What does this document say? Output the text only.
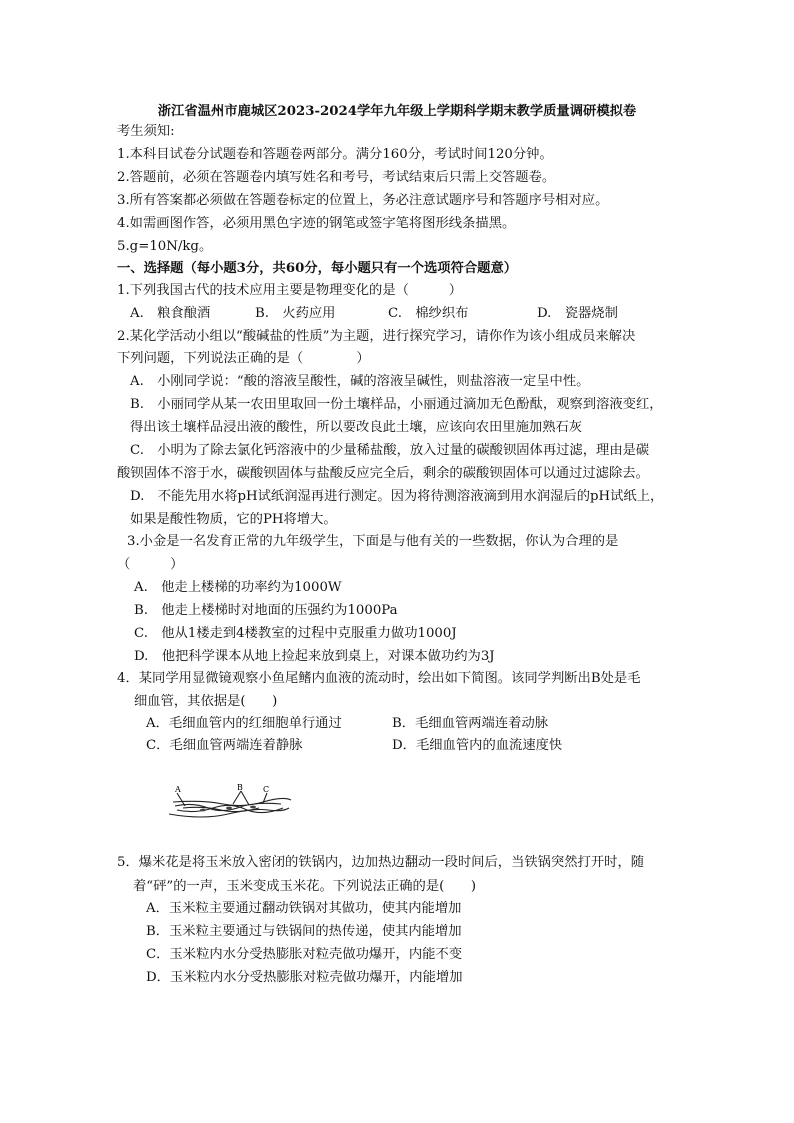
浙江省温州市鹿城区2023-2024学年九年级上学期科学期末教学质量调研模拟卷
考生须知:
1.本科目试卷分试题卷和答题卷两部分。满分160分，考试时间120分钟。
2.答题前，必须在答题卷内填写姓名和考号，考试结束后只需上交答题卷。
3.所有答案都必须做在答题卷标定的位置上，务必注意试题序号和答题序号相对应。
4.如需画图作答，必须用黑色字迹的钢笔或签字笔将图形线条描黑。
5.g=10N/kg。
一、选择题（每小题3分，共60分，每小题只有一个选项符合题意）
1.下列我国古代的技术应用主要是物理变化的是（　　　）
A.　粮食酿酒	B.　火药应用	C.　棉纱织布	D.　瓷器烧制
2.某化学活动小组以“酸碱盐的性质”为主题，进行探究学习，请你作为该小组成员来解决
下列问题，下列说法正确的是（　　　　）
A.　小刚同学说：“酸的溶液呈酸性，碱的溶液呈碱性，则盐溶液一定呈中性。
B.　小丽同学从某一农田里取回一份土壤样品，小丽通过滴加无色酚酞，观察到溶液变红，
得出该土壤样品浸出液的酸性，所以要改良此土壤，应该向农田里施加熟石灰
C.　小明为了除去氯化钙溶液中的少量稀盐酸，放入过量的碳酸钡固体再过滤，理由是碳
酸钡固体不溶于水，碳酸钡固体与盐酸反应完全后，剩余的碳酸钡固体可以通过过滤除去。
D.　不能先用水将pH试纸润湿再进行测定。因为将待测溶液滴到用水润湿后的pH试纸上，
如果是酸性物质，它的PH将增大。
3.小金是一名发育正常的九年级学生，下面是与他有关的一些数据，你认为合理的是
（　　　）
A.　他走上楼梯的功率约为1000W
B.　他走上楼梯时对地面的压强约为1000Pa
C.　他从1楼走到4楼教室的过程中克服重力做功1000J
D.　他把科学课本从地上捡起来放到桌上，对课本做功约为3J
4．某同学用显微镜观察小鱼尾鳍内血液的流动时，绘出如下简图。该同学判断出B处是毛
细血管，其依据是(　　)
A．毛细血管内的红细胞单行通过	B．毛细血管两端连着动脉
C．毛细血管两端连着静脉	D．毛细血管内的血流速度快
A	B	C
5．爆米花是将玉米放入密闭的铁锅内，边加热边翻动一段时间后，当铁锅突然打开时，随
着“砰”的一声，玉米变成玉米花。下列说法正确的是(　　)
A．玉米粒主要通过翻动铁锅对其做功，使其内能增加
B．玉米粒主要通过与铁锅间的热传递，使其内能增加
C．玉米粒内水分受热膨胀对粒壳做功爆开，内能不变
D．玉米粒内水分受热膨胀对粒壳做功爆开，内能增加
